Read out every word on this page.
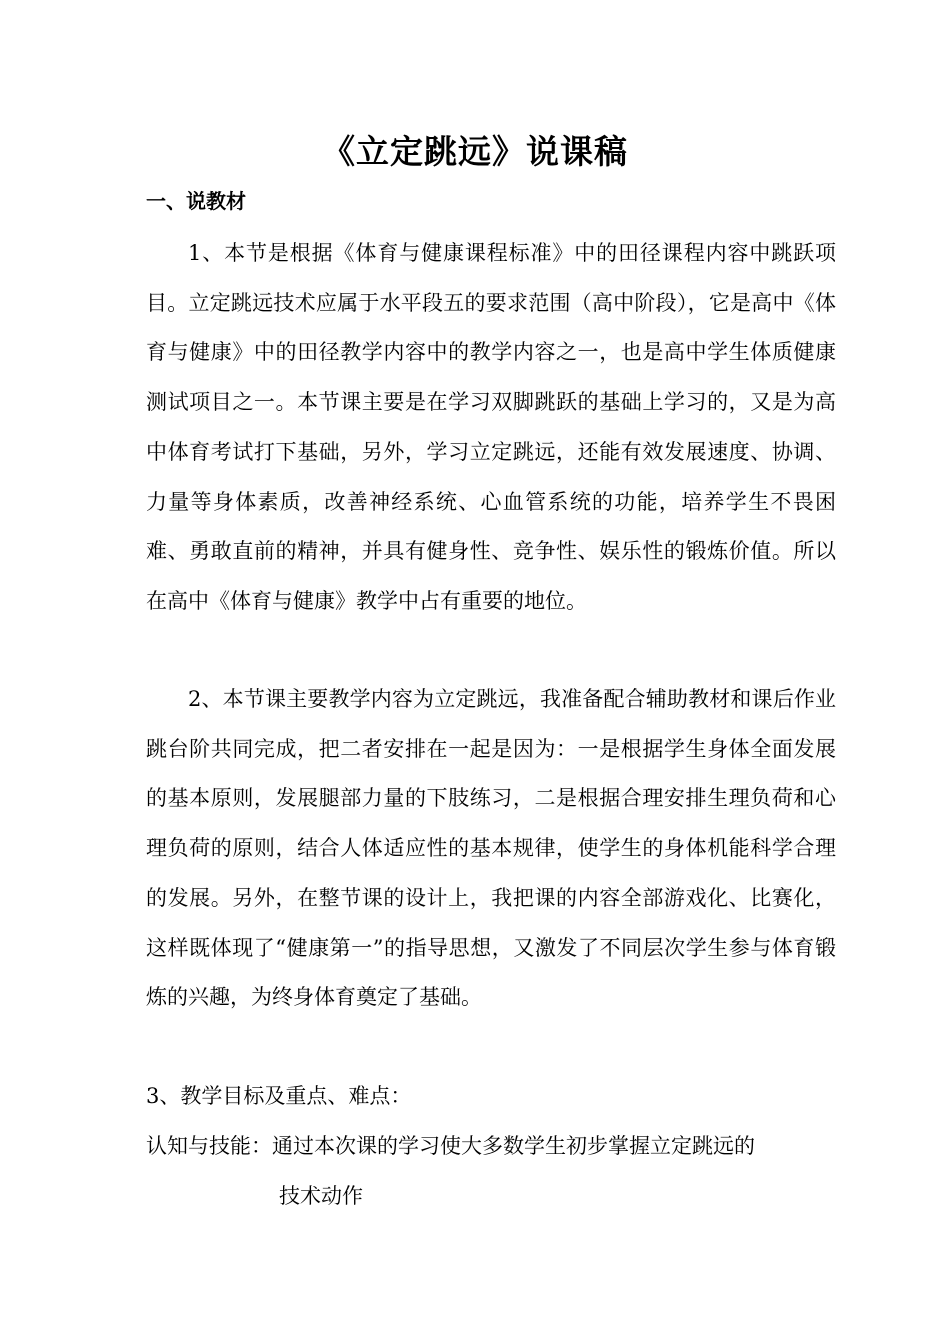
《立定跳远》说课稿
一、说教材

1、本节是根据《体育与健康课程标准》中的田径课程内容中跳跃项目。立定跳远技术应属于水平段五的要求范围（高中阶段），它是高中《体育与健康》中的田径教学内容中的教学内容之一，也是高中学生体质健康测试项目之一。本节课主要是在学习双脚跳跃的基础上学习的，又是为高中体育考试打下基础，另外，学习立定跳远，还能有效发展速度、协调、力量等身体素质，改善神经系统、心血管系统的功能，培养学生不畏困难、勇敢直前的精神，并具有健身性、竞争性、娱乐性的锻炼价值。所以在高中《体育与健康》教学中占有重要的地位。

2、本节课主要教学内容为立定跳远，我准备配合辅助教材和课后作业跳台阶共同完成，把二者安排在一起是因为：一是根据学生身体全面发展的基本原则，发展腿部力量的下肢练习，二是根据合理安排生理负荷和心理负荷的原则，结合人体适应性的基本规律，使学生的身体机能科学合理的发展。另外，在整节课的设计上，我把课的内容全部游戏化、比赛化，这样既体现了“健康第一”的指导思想，又激发了不同层次学生参与体育锻炼的兴趣，为终身体育奠定了基础。

3、教学目标及重点、难点：
认知与技能：通过本次课的学习使大多数学生初步掌握立定跳远的
技术动作
